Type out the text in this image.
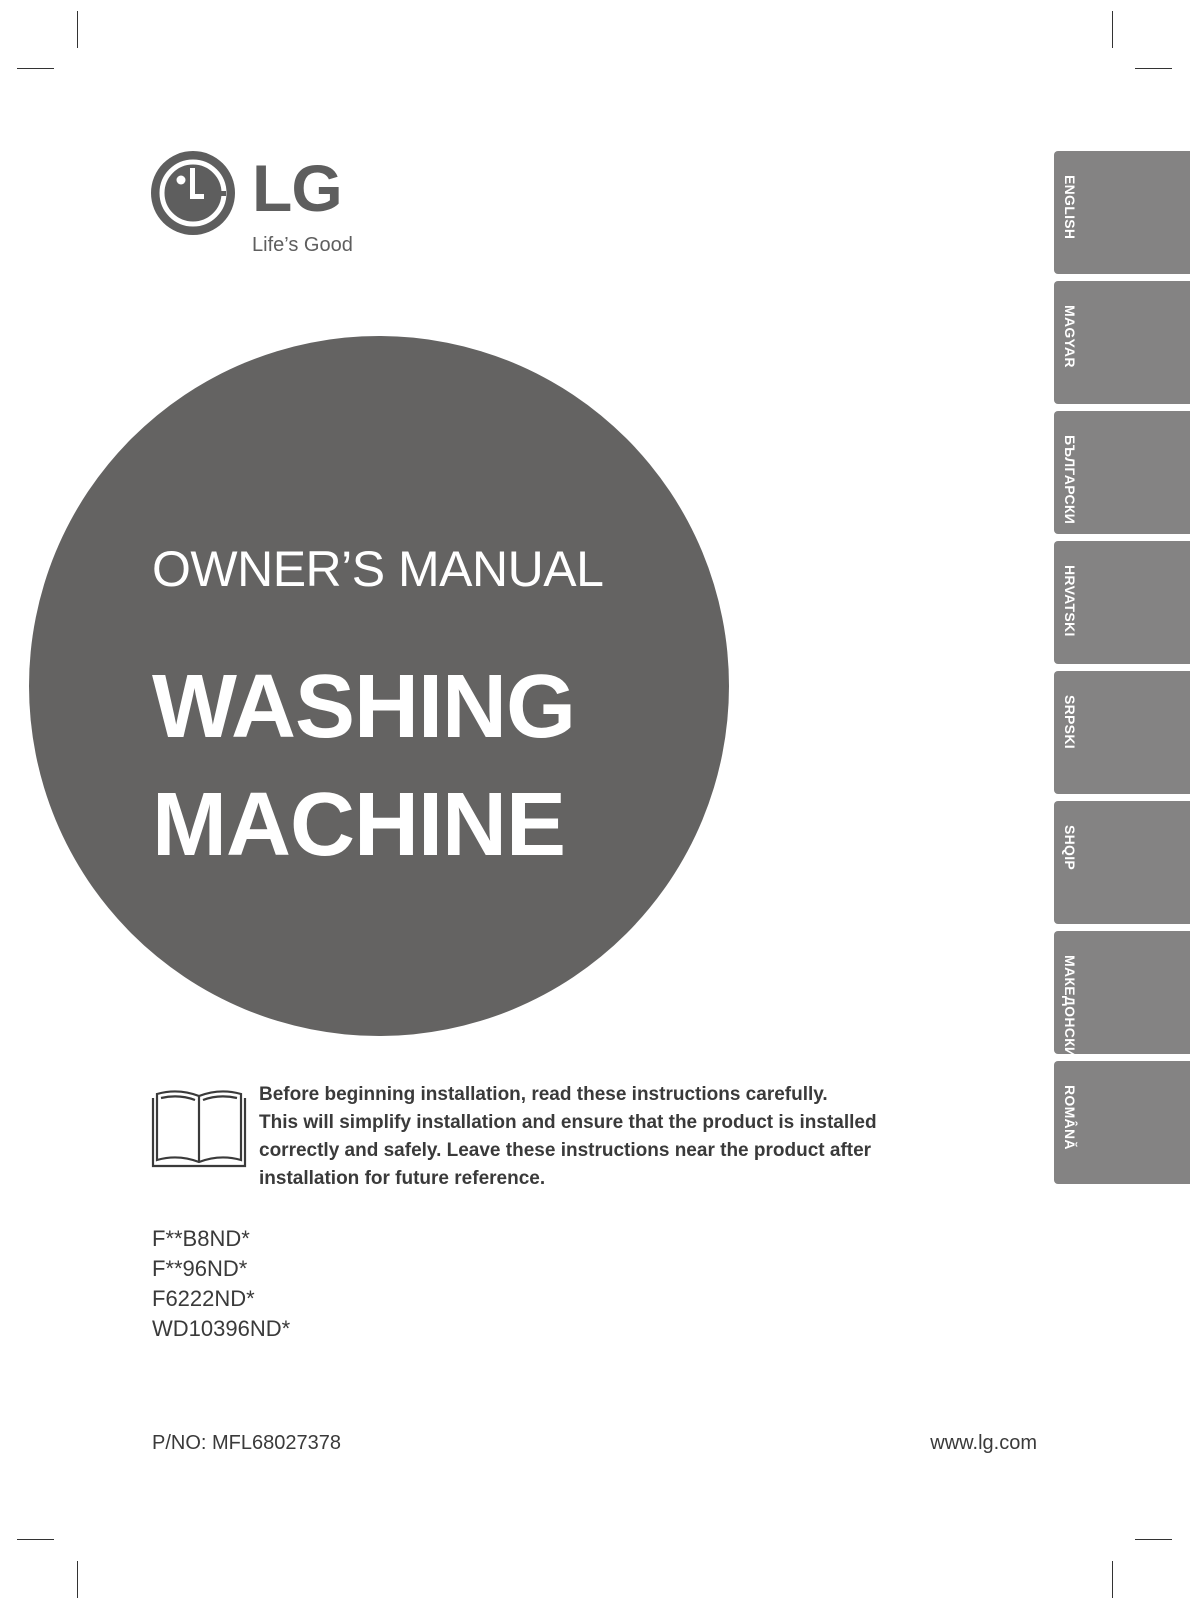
LG
Life’s Good
OWNER’S MANUAL
WASHING
MACHINE
Before beginning installation, read these instructions carefully.
This will simplify installation and ensure that the product is installed
correctly and safely. Leave these instructions near the product after
installation for future reference.
F**B8ND*
F**96ND*
F6222ND*
WD10396ND*
P/NO: MFL68027378	www.lg.com
ENGLISH
MAGYAR
БЪЛГАРСКИ
HRVATSKI
SRPSKI
SHQIP
МАКЕДОНСКИ
ROMÂNĂ
